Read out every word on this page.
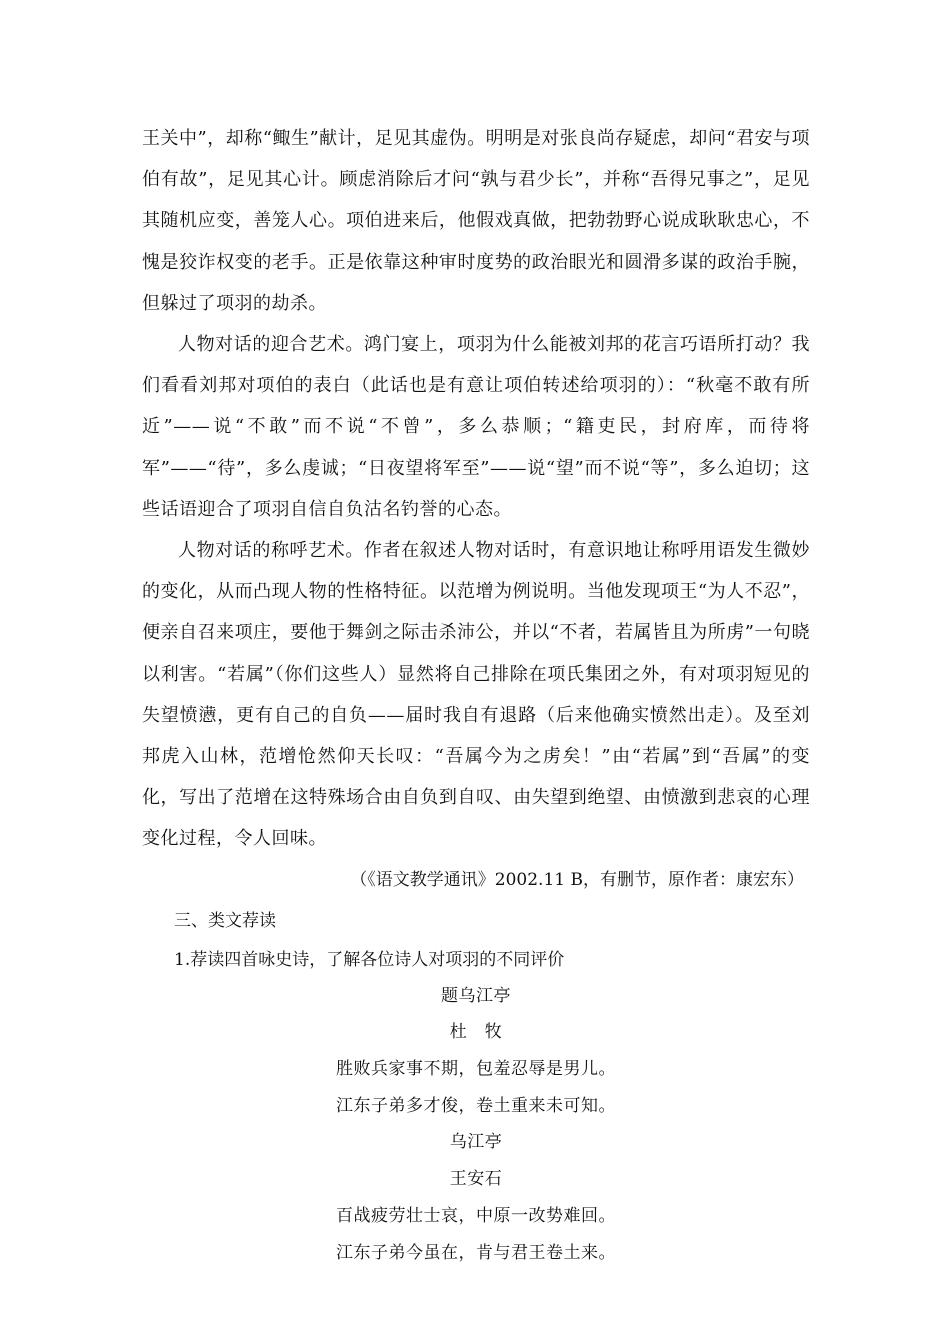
王关中”，却称“鲰生”献计，足见其虚伪。明明是对张良尚存疑虑，却问“君安与项伯有故”，足见其心计。顾虑消除后才问“孰与君少长”，并称“吾得兄事之”，足见其随机应变，善笼人心。项伯进来后，他假戏真做，把勃勃野心说成耿耿忠心，不愧是狡诈权变的老手。正是依靠这种审时度势的政治眼光和圆滑多谋的政治手腕，但躲过了项羽的劫杀。

人物对话的迎合艺术。鸿门宴上，项羽为什么能被刘邦的花言巧语所打动？我们看看刘邦对项伯的表白（此话也是有意让项伯转述给项羽的）：“秋毫不敢有所近”——说“不敢”而不说“不曾”，多么恭顺；“籍吏民，封府库，而待将军”——“待”，多么虔诚；“日夜望将军至”——说“望”而不说“等”，多么迫切；这些话语迎合了项羽自信自负沽名钓誉的心态。

人物对话的称呼艺术。作者在叙述人物对话时，有意识地让称呼用语发生微妙的变化，从而凸现人物的性格特征。以范增为例说明。当他发现项王“为人不忍”，便亲自召来项庄，要他于舞剑之际击杀沛公，并以“不者，若属皆且为所虏”一句晓以利害。“若属”（你们这些人）显然将自己排除在项氏集团之外，有对项羽短见的失望愤懑，更有自己的自负——届时我自有退路（后来他确实愤然出走）。及至刘邦虎入山林，范增怆然仰天长叹：“吾属今为之虏矣！”由“若属”到“吾属”的变化，写出了范增在这特殊场合由自负到自叹、由失望到绝望、由愤激到悲哀的心理变化过程，令人回味。

（《语文教学通讯》2002.11 B，有删节，原作者：康宏东）

三、类文荐读

1.荐读四首咏史诗，了解各位诗人对项羽的不同评价

题乌江亭

杜　牧

胜败兵家事不期，包羞忍辱是男儿。

江东子弟多才俊，卷土重来未可知。

乌江亭

王安石

百战疲劳壮士哀，中原一改势难回。

江东子弟今虽在，肯与君王卷土来。
